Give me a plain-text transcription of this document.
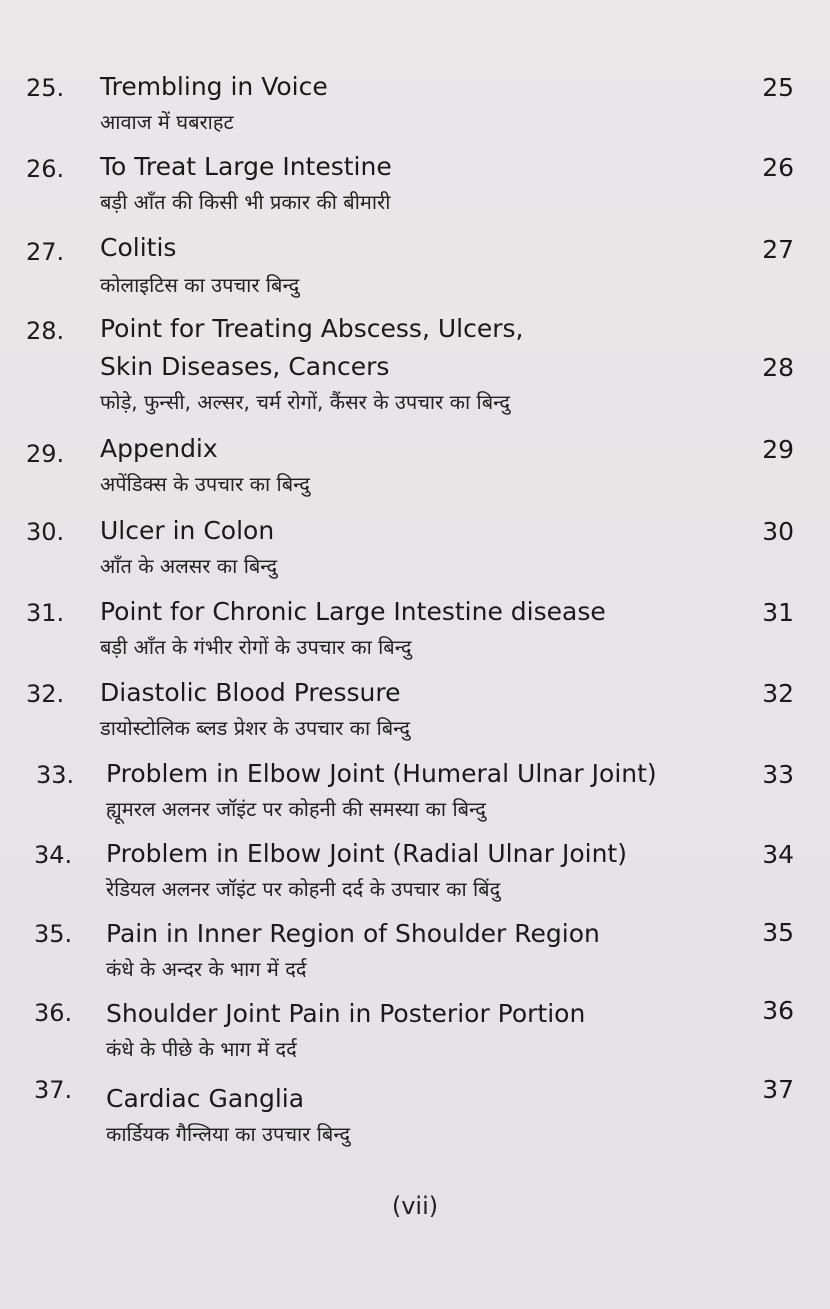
25. Trembling in Voice
आवाज में घबराहट
25
26. To Treat Large Intestine
बड़ी आँत की किसी भी प्रकार की बीमारी
26
27. Colitis
कोलाइटिस का उपचार बिन्दु
27
28. Point for Treating Abscess, Ulcers,
Skin Diseases, Cancers
फोड़े, फुन्सी, अल्सर, चर्म रोगों, कैंसर के उपचार का बिन्दु
28
29. Appendix
अपेंडिक्स के उपचार का बिन्दु
29
30. Ulcer in Colon
आँत के अलसर का बिन्दु
30
31. Point for Chronic Large Intestine disease
बड़ी आँत के गंभीर रोगों के उपचार का बिन्दु
31
32. Diastolic Blood Pressure
डायोस्टोलिक ब्लड प्रेशर के उपचार का बिन्दु
32
33. Problem in Elbow Joint (Humeral Ulnar Joint)
ह्यूमरल अलनर जॉइंट पर कोहनी की समस्या का बिन्दु
33
34. Problem in Elbow Joint (Radial Ulnar Joint)
रेडियल अलनर जॉइंट पर कोहनी दर्द के उपचार का बिंदु
34
35. Pain in Inner Region of Shoulder Region
कंधे के अन्दर के भाग में दर्द
35
36. Shoulder Joint Pain in Posterior Portion
कंधे के पीछे के भाग में दर्द
36
37. Cardiac Ganglia
कार्डियक गैन्लिया का उपचार बिन्दु
37
(vii)
